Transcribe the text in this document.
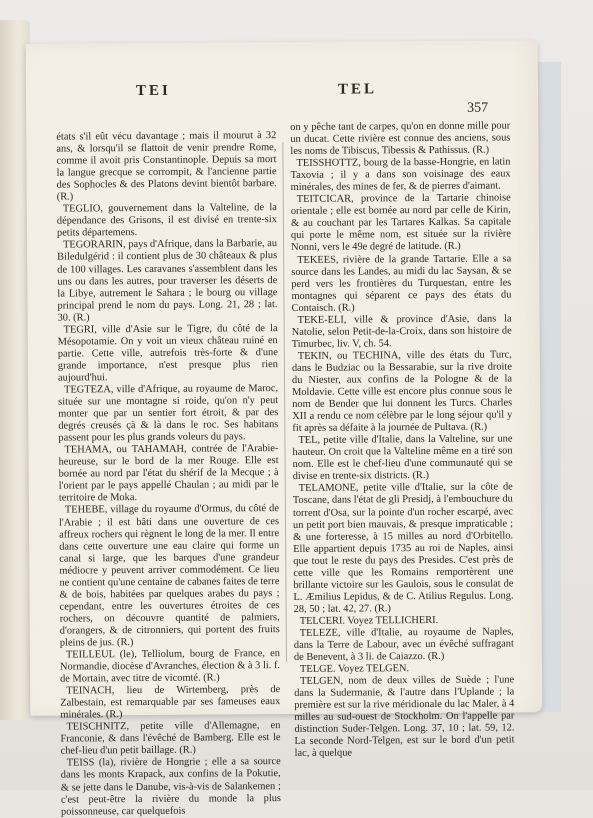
TEI	TEL
357

états s'il eût vécu davantage ; mais il mourut à 32 ans, & lorsqu'il se flattoit de venir prendre Rome, comme il avoit pris Constantinople. Depuis sa mort la langue grecque se corrompit, & l'ancienne partie des Sophocles & des Platons devint bientôt barbare. (R.)

TEGLIO, gouvernement dans la Valteline, de la dépendance des Grisons, il est divisé en trente-six petits départemens.

TEGORARIN, pays d'Afrique, dans la Barbarie, au Biledulgérid : il contient plus de 30 châteaux & plus de 100 villages. Les caravanes s'assemblent dans les uns ou dans les autres, pour traverser les déserts de la Libye, autrement le Sahara ; le bourg ou village principal prend le nom du pays. Long. 21, 28 ; lat. 30. (R.)

TEGRI, ville d'Asie sur le Tigre, du côté de la Mésopotamie. On y voit un vieux château ruiné en partie. Cette ville, autrefois très-forte & d'une grande importance, n'est presque plus rien aujourd'hui.

TEGTEZA, ville d'Afrique, au royaume de Maroc, située sur une montagne si roide, qu'on n'y peut monter que par un sentier fort étroit, & par des degrés creusés çà & là dans le roc. Ses habitans passent pour les plus grands voleurs du pays.

TEHAMA, ou TAHAMAH, contrée de l'Arabie-heureuse, sur le bord de la mer Rouge. Elle est bornée au nord par l'état du shérif de la Mecque ; à l'orient par le pays appellé Chaulan ; au midi par le territoire de Moka.

TEHEBE, village du royaume d'Ormus, du côté de l'Arabie ; il est bâti dans une ouverture de ces affreux rochers qui règnent le long de la mer. Il entre dans cette ouverture une eau claire qui forme un canal si large, que les barques d'une grandeur médiocre y peuvent arriver commodément. Ce lieu ne contient qu'une centaine de cabanes faites de terre & de bois, habitées par quelques arabes du pays ; cependant, entre les ouvertures étroites de ces rochers, on découvre quantité de palmiers, d'orangers, & de citronniers, qui portent des fruits pleins de jus. (R.)

TEILLEUL (le), Telliolum, bourg de France, en Normandie, diocèse d'Avranches, élection & à 3 li. f. de Mortain, avec titre de vicomté. (R.)

TEINACH, lieu de Wirtemberg, près de Zalbestain, est remarquable par ses fameuses eaux minérales. (R.)

TEISCHNITZ, petite ville d'Allemagne, en Franconie, & dans l'évêché de Bamberg. Elle est le chef-lieu d'un petit baillage. (R.)

TEISS (la), rivière de Hongrie ; elle a sa source dans les monts Krapack, aux confins de la Pokutie, & se jette dans le Danube, vis-à-vis de Salankemen ; c'est peut-être la rivière du monde la plus poissonneuse, car quelquefois

on y pêche tant de carpes, qu'on en donne mille pour un ducat. Cette rivière est connue des anciens, sous les noms de Tibiscus, Tibessis & Pathissus. (R.)

TEISSHOTTZ, bourg de la basse-Hongrie, en latin Taxovia ; il y a dans son voisinage des eaux minérales, des mines de fer, & de pierres d'aimant.

TEITCICAR, province de la Tartarie chinoise orientale ; elle est bornée au nord par celle de Kirin, & au couchant par les Tartares Kalkas. Sa capitale qui porte le même nom, est située sur la rivière Nonni, vers le 49e degré de latitude. (R.)

TEKEES, rivière de la grande Tartarie. Elle a sa source dans les Landes, au midi du lac Saysan, & se perd vers les frontières du Turquestan, entre les montagnes qui séparent ce pays des états du Contaisch. (R.)

TEKE-ELI, ville & province d'Asie, dans la Natolie, selon Petit-de-la-Croix, dans son histoire de Timurbec, liv. V, ch. 54.

TEKIN, ou TECHINA, ville des états du Turc, dans le Budziac ou la Bessarabie, sur la rive droite du Niester, aux confins de la Pologne & de la Moldavie. Cette ville est encore plus connue sous le nom de Bender que lui donnent les Turcs. Charles XII a rendu ce nom célèbre par le long séjour qu'il y fit après sa défaite à la journée de Pultava. (R.)

TEL, petite ville d'Italie, dans la Valteline, sur une hauteur. On croit que la Valteline même en a tiré son nom. Elle est le chef-lieu d'une communauté qui se divise en trente-six districts. (R.)

TELAMONE, petite ville d'Italie, sur la côte de Toscane, dans l'état de gli Presidj, à l'embouchure du torrent d'Osa, sur la pointe d'un rocher escarpé, avec un petit port bien mauvais, & presque impraticable ; & une forteresse, à 15 milles au nord d'Orbitello. Elle appartient depuis 1735 au roi de Naples, ainsi que tout le reste du pays des Presides. C'est près de cette ville que les Romains remportèrent une brillante victoire sur les Gaulois, sous le consulat de L. Æmilius Lepidus, & de C. Atilius Regulus. Long. 28, 50 ; lat. 42, 27. (R.)

TELCERI. Voyez TELLICHERI.

TELEZE, ville d'Italie, au royaume de Naples, dans la Terre de Labour, avec un évêché suffragant de Benevent, à 3 li. de Caiazzo. (R.)

TELGE. Voyez TELGEN.

TELGEN, nom de deux villes de Suède ; l'une dans la Sudermanie, & l'autre dans l'Uplande ; la première est sur la rive méridionale du lac Maler, à 4 milles au sud-ouest de Stockholm. On l'appelle par distinction Suder-Telgen. Long. 37, 10 ; lat. 59, 12. La seconde Nord-Telgen, est sur le bord d'un petit lac, à quelque
